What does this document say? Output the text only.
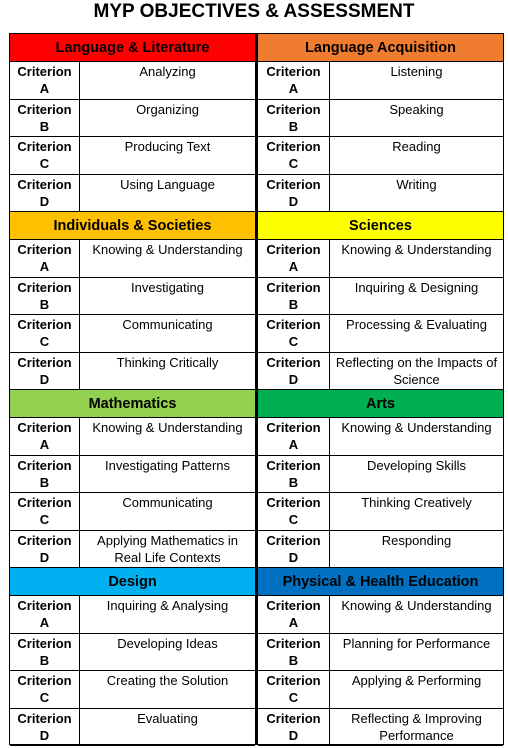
MYP OBJECTIVES & ASSESSMENT
Language & Literature
Criterion
A
Analyzing
Criterion
B
Organizing
Criterion
C
Producing Text
Criterion
D
Using Language
Individuals & Societies
Criterion
A
Knowing & Understanding
Criterion
B
Investigating
Criterion
C
Communicating
Criterion
D
Thinking Critically
Mathematics
Criterion
A
Knowing & Understanding
Criterion
B
Investigating Patterns
Criterion
C
Communicating
Criterion
D
Applying Mathematics in Real Life Contexts
Design
Criterion
A
Inquiring & Analysing
Criterion
B
Developing Ideas
Criterion
C
Creating the Solution
Criterion
D
Evaluating
Language Acquisition
Criterion
A
Listening
Criterion
B
Speaking
Criterion
C
Reading
Criterion
D
Writing
Sciences
Criterion
A
Knowing & Understanding
Criterion
B
Inquiring & Designing
Criterion
C
Processing & Evaluating
Criterion
D
Reflecting on the Impacts of Science
Arts
Criterion
A
Knowing & Understanding
Criterion
B
Developing Skills
Criterion
C
Thinking Creatively
Criterion
D
Responding
Physical & Health Education
Criterion
A
Knowing & Understanding
Criterion
B
Planning for Performance
Criterion
C
Applying & Performing
Criterion
D
Reflecting & Improving Performance
